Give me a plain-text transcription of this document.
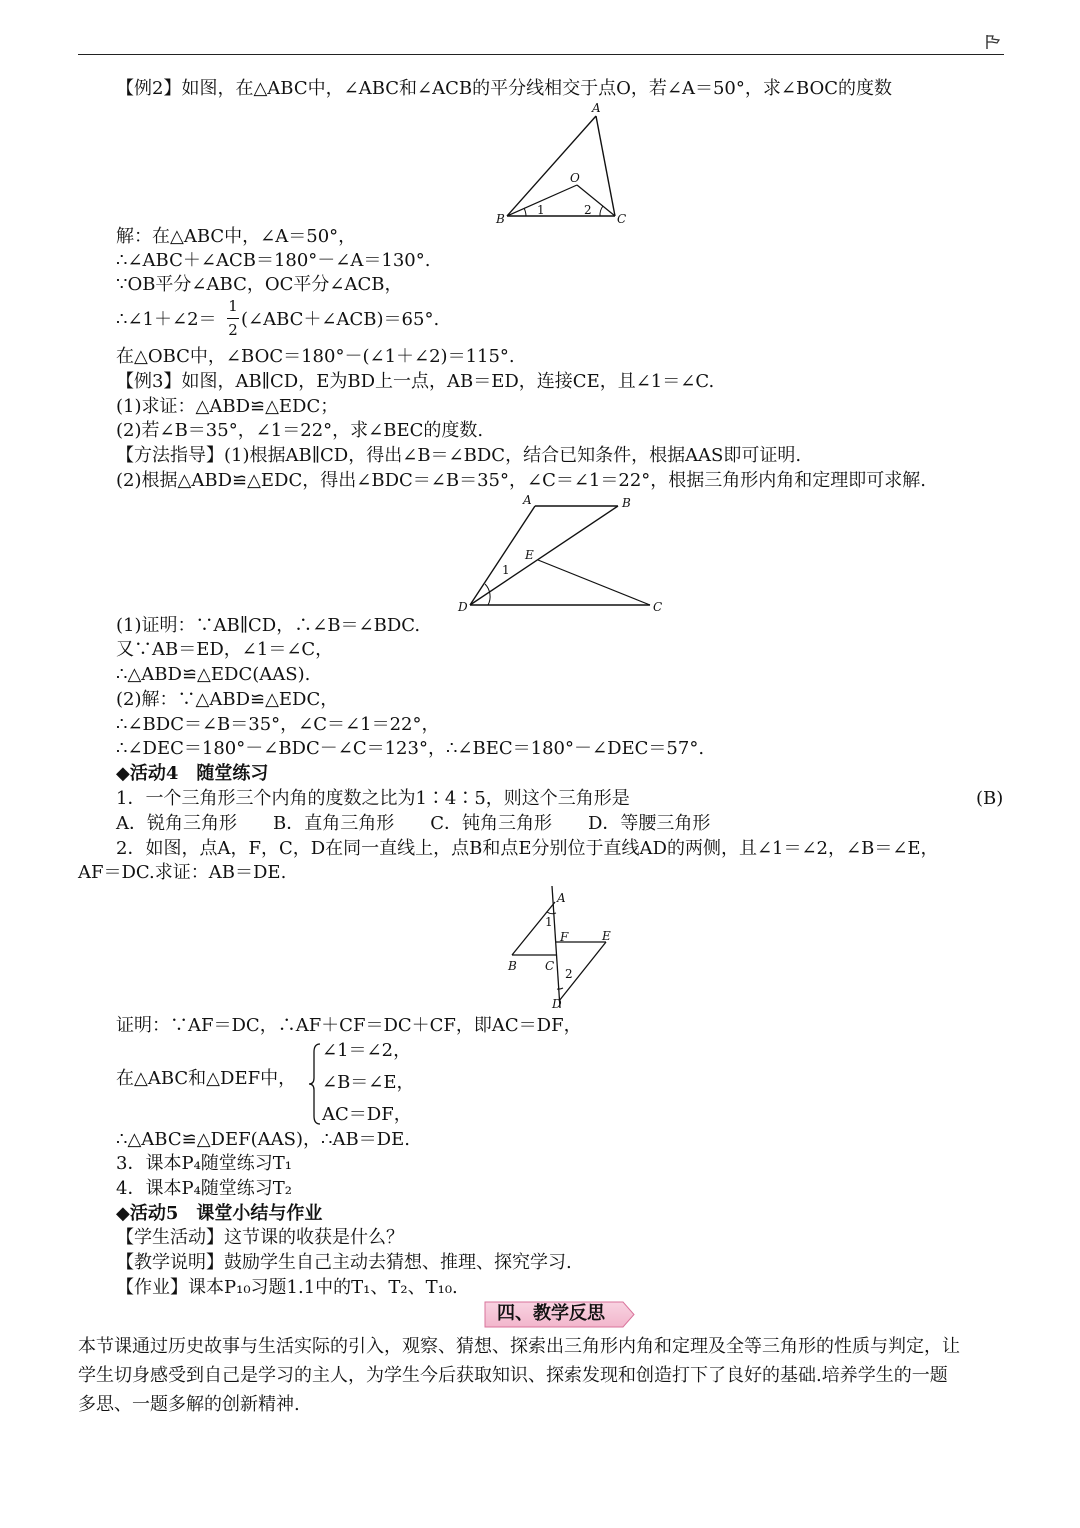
【例2】如图，在△ABC中，∠ABC和∠ACB的平分线相交于点O，若∠A＝50°，求∠BOC的度数
A
O
B	C
1	2
解：在△ABC中，∠A＝50°，
∴∠ABC＋∠ACB＝180°－∠A＝130°.
∵OB平分∠ABC，OC平分∠ACB，
∴∠1＋∠2＝
1
2 (∠ABC＋∠ACB)＝65°.
在△OBC中，∠BOC＝180°－(∠1＋∠2)＝115°.
【例3】如图，AB∥CD，E为BD上一点，AB＝ED，连接CE，且∠1＝∠C.
(1)求证：△ABD≌△EDC；
(2)若∠B＝35°，∠1＝22°，求∠BEC的度数.
【方法指导】(1)根据AB∥CD，得出∠B＝∠BDC，结合已知条件，根据AAS即可证明.
(2)根据△ABD≌△EDC，得出∠BDC＝∠B＝35°，∠C＝∠1＝22°，根据三角形内角和定理即可求解.
A	B
E
D	C
1
(1)证明：∵AB∥CD，∴∠B＝∠BDC.
又∵AB＝ED，∠1＝∠C，
∴△ABD≌△EDC(AAS).
(2)解：∵△ABD≌△EDC，
∴∠BDC＝∠B＝35°，∠C＝∠1＝22°，
∴∠DEC＝180°－∠BDC－∠C＝123°，∴∠BEC＝180°－∠DEC＝57°.
◆活动4　随堂练习
1．一个三角形三个内角的度数之比为1∶4∶5，则这个三角形是	(B)
A．锐角三角形　　B．直角三角形　　C．钝角三角形　　D．等腰三角形
2．如图，点A，F，C，D在同一直线上，点B和点E分别位于直线AD的两侧，且∠1＝∠2，∠B＝∠E，
AF＝DC.求证：AB＝DE.
A
1
F	E
B C
2
D
证明：∵AF＝DC，∴AF＋CF＝DC＋CF，即AC＝DF，
在△ABC和△DEF中，
∠1＝∠2，
∠B＝∠E，
AC＝DF，
∴△ABC≌△DEF(AAS)，∴AB＝DE.
3．课本P₄随堂练习T₁
4．课本P₄随堂练习T₂
◆活动5　课堂小结与作业
【学生活动】这节课的收获是什么？
【教学说明】鼓励学生自己主动去猜想、推理、探究学习.
【作业】课本P₁₀习题1.1中的T₁、T₂、T₁₀.
四、教学反思

本节课通过历史故事与生活实际的引入，观察、猜想、探索出三角形内角和定理及全等三角形的性质与判定，让

学生切身感受到自己是学习的主人，为学生今后获取知识、探索发现和创造打下了良好的基础.培养学生的一题

多思、一题多解的创新精神.
